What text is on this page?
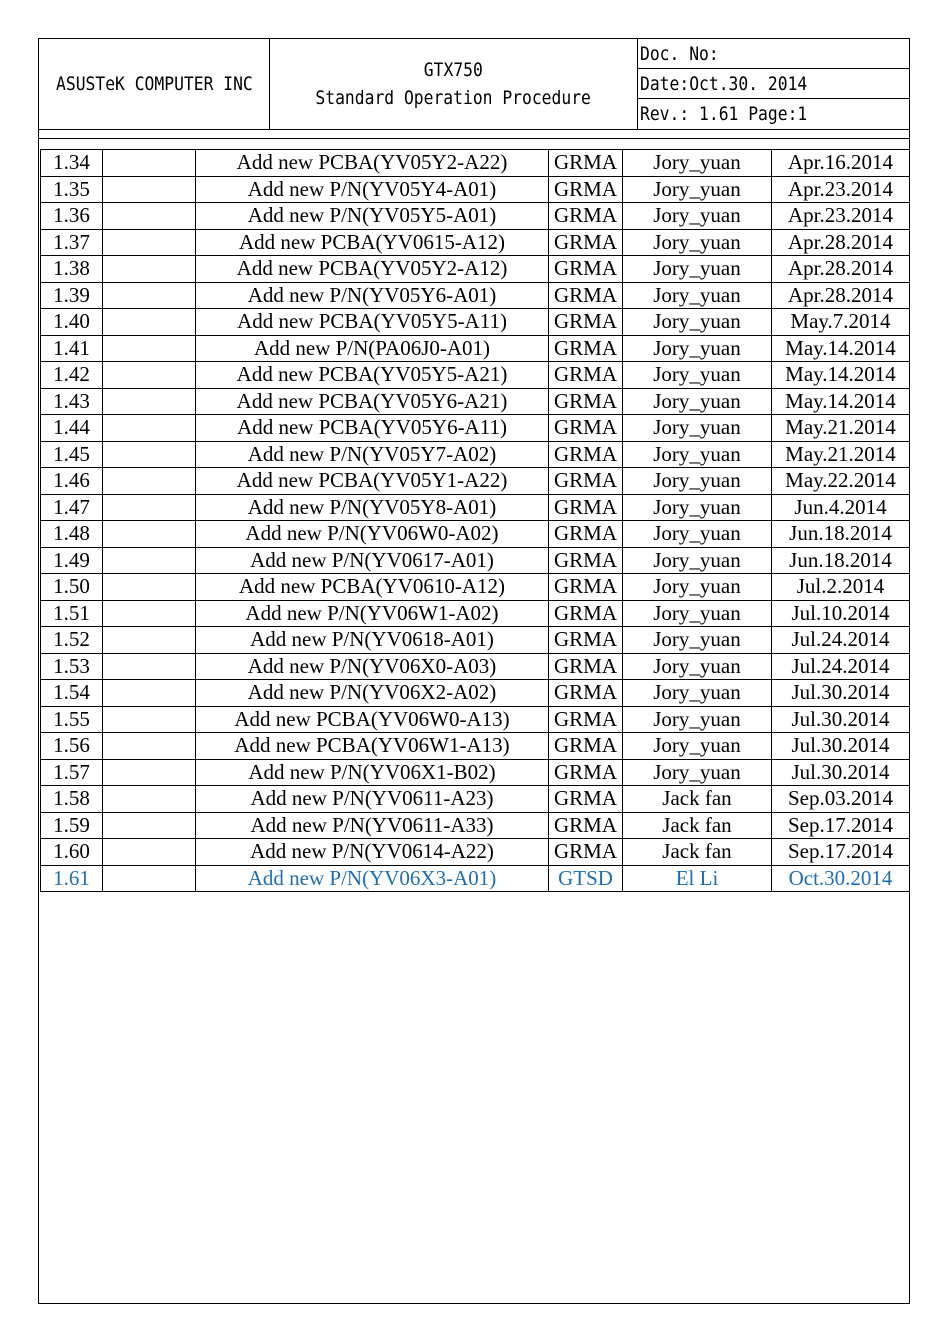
ASUSTeK COMPUTER INC
GTX750
Standard Operation Procedure
Doc. No:
Date:Oct.30. 2014
Rev.: 1.61 Page:1
1.34		Add new PCBA(YV05Y2-A22)	GRMA	Jory_yuan	Apr.16.2014
1.35		Add new P/N(YV05Y4-A01)	GRMA	Jory_yuan	Apr.23.2014
1.36		Add new P/N(YV05Y5-A01)	GRMA	Jory_yuan	Apr.23.2014
1.37		Add new PCBA(YV0615-A12)	GRMA	Jory_yuan	Apr.28.2014
1.38		Add new PCBA(YV05Y2-A12)	GRMA	Jory_yuan	Apr.28.2014
1.39		Add new P/N(YV05Y6-A01)	GRMA	Jory_yuan	Apr.28.2014
1.40		Add new PCBA(YV05Y5-A11)	GRMA	Jory_yuan	May.7.2014
1.41		Add new P/N(PA06J0-A01)	GRMA	Jory_yuan	May.14.2014
1.42		Add new PCBA(YV05Y5-A21)	GRMA	Jory_yuan	May.14.2014
1.43		Add new PCBA(YV05Y6-A21)	GRMA	Jory_yuan	May.14.2014
1.44		Add new PCBA(YV05Y6-A11)	GRMA	Jory_yuan	May.21.2014
1.45		Add new P/N(YV05Y7-A02)	GRMA	Jory_yuan	May.21.2014
1.46		Add new PCBA(YV05Y1-A22)	GRMA	Jory_yuan	May.22.2014
1.47		Add new P/N(YV05Y8-A01)	GRMA	Jory_yuan	Jun.4.2014
1.48		Add new P/N(YV06W0-A02)	GRMA	Jory_yuan	Jun.18.2014
1.49		Add new P/N(YV0617-A01)	GRMA	Jory_yuan	Jun.18.2014
1.50		Add new PCBA(YV0610-A12)	GRMA	Jory_yuan	Jul.2.2014
1.51		Add new P/N(YV06W1-A02)	GRMA	Jory_yuan	Jul.10.2014
1.52		Add new P/N(YV0618-A01)	GRMA	Jory_yuan	Jul.24.2014
1.53		Add new P/N(YV06X0-A03)	GRMA	Jory_yuan	Jul.24.2014
1.54		Add new P/N(YV06X2-A02)	GRMA	Jory_yuan	Jul.30.2014
1.55		Add new PCBA(YV06W0-A13)	GRMA	Jory_yuan	Jul.30.2014
1.56		Add new PCBA(YV06W1-A13)	GRMA	Jory_yuan	Jul.30.2014
1.57		Add new P/N(YV06X1-B02)	GRMA	Jory_yuan	Jul.30.2014
1.58		Add new P/N(YV0611-A23)	GRMA	Jack fan	Sep.03.2014
1.59		Add new P/N(YV0611-A33)	GRMA	Jack fan	Sep.17.2014
1.60		Add new P/N(YV0614-A22)	GRMA	Jack fan	Sep.17.2014
1.61		Add new P/N(YV06X3-A01)	GTSD	El Li	Oct.30.2014
